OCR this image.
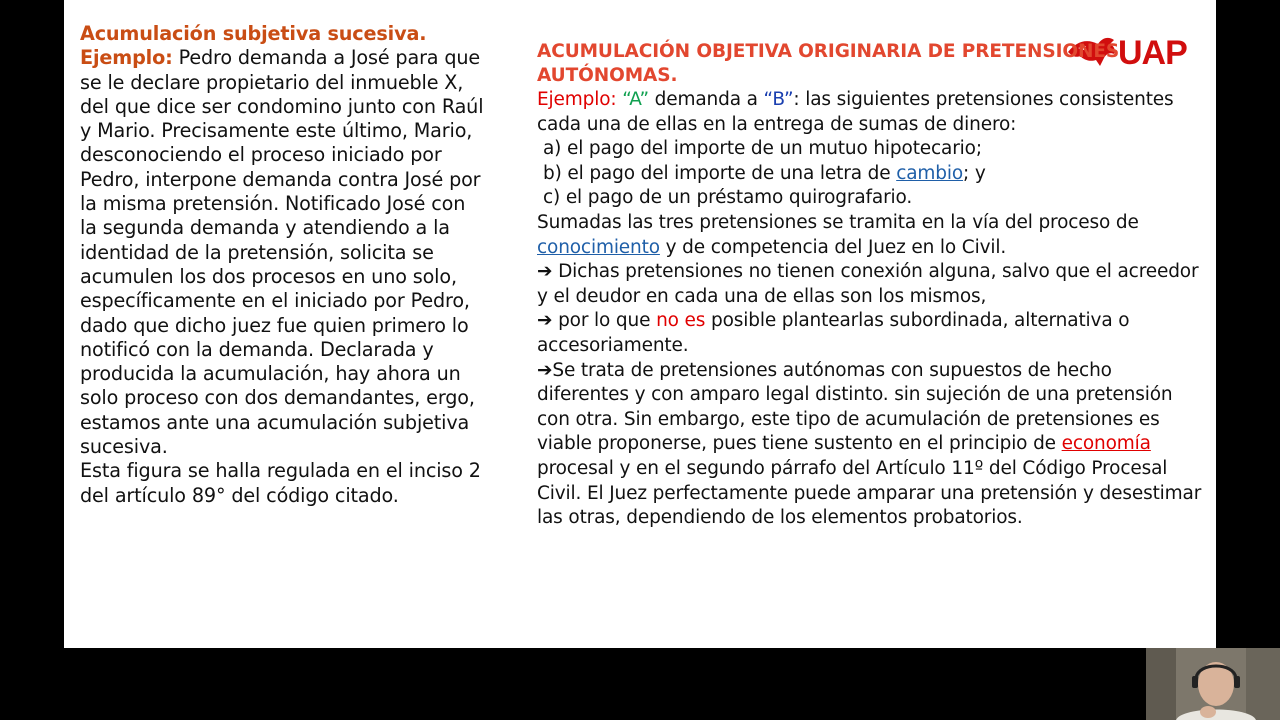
Acumulación subjetiva sucesiva.

Ejemplo: Pedro demanda a José para que se le declare propietario del inmueble X, del que dice ser condomino junto con Raúl y Mario. Precisamente este último, Mario, desconociendo el proceso iniciado por Pedro, interpone demanda contra José por la misma pretensión. Notificado José con la segunda demanda y atendiendo a la identidad de la pretensión, solicita se acumulen los dos procesos en uno solo, específicamente en el iniciado por Pedro, dado que dicho juez fue quien primero lo notificó con la demanda. Declarada y producida la acumulación, hay ahora un solo proceso con dos demandantes, ergo, estamos ante una acumulación subjetiva sucesiva.

Esta figura se halla regulada en el inciso 2 del artículo 89° del código citado.

UAP

ACUMULACIÓN OBJETIVA ORIGINARIA DE PRETENSIONES AUTÓNOMAS.

Ejemplo: “A” demanda a “B”: las siguientes pretensiones consistentes cada una de ellas en la entrega de sumas de dinero:

a) el pago del importe de un mutuo hipotecario;

b) el pago del importe de una letra de cambio; y

c) el pago de un préstamo quirografario.

Sumadas las tres pretensiones se tramita en la vía del proceso de conocimiento y de competencia del Juez en lo Civil.

➔ Dichas pretensiones no tienen conexión alguna, salvo que el acreedor y el deudor en cada una de ellas son los mismos,

➔ por lo que no es posible plantearlas subordinada, alternativa o accesoriamente.

➔Se trata de pretensiones autónomas con supuestos de hecho diferentes y con amparo legal distinto. sin sujeción de una pretensión con otra. Sin embargo, este tipo de acumulación de pretensiones es viable proponerse, pues tiene sustento en el principio de economía procesal y en el segundo párrafo del Artículo 11º del Código Procesal Civil. El Juez perfectamente puede amparar una pretensión y desestimar las otras, dependiendo de los elementos probatorios.
